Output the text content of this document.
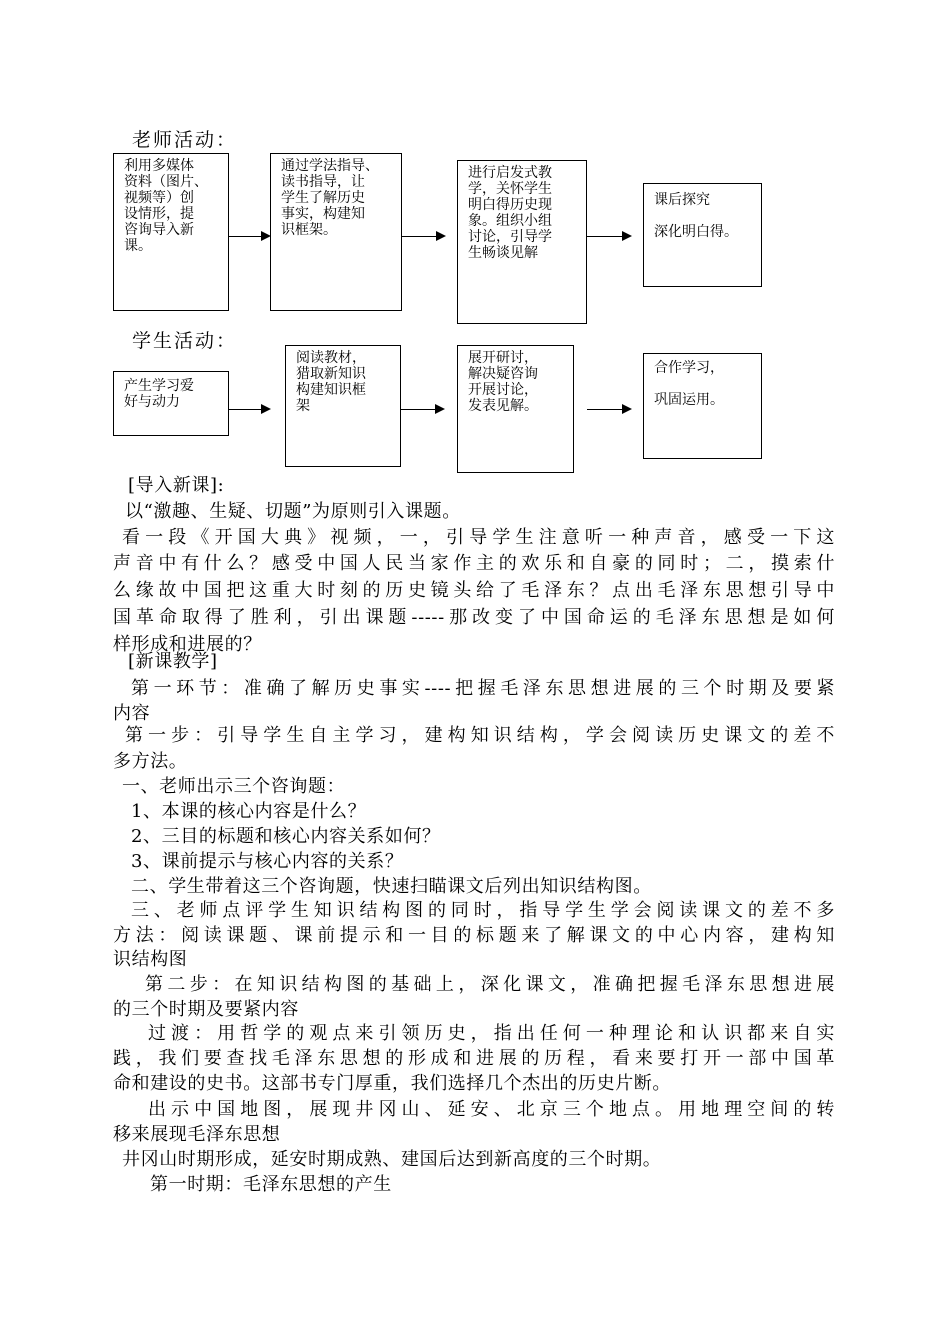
老师活动：
利用多媒体
资料（图片、
视频等）创
设情形，提
咨询导入新
课。
通过学法指导、
读书指导，让
学生了解历史
事实，构建知
识框架。
进行启发式教
学，关怀学生
明白得历史现
象。组织小组
讨论，引导学
生畅谈见解
课后探究

深化明白得。
学生活动：
产生学习爱
好与动力
阅读教材，
猎取新知识
构建知识框
架
展开研讨，
解决疑咨询
开展讨论，
发表见解。
合作学习，

巩固运用。
[导入新课]:
以“激趣、生疑、切题”为原则引入课题。
看一段《开国大典》视频，一，引导学生注意听一种声音，感受一下这
声音中有什么？感受中国人民当家作主的欢乐和自豪的同时；二，摸索什
么缘故中国把这重大时刻的历史镜头给了毛泽东？点出毛泽东思想引导中
国革命取得了胜利，引出课题-----那改变了中国命运的毛泽东思想是如何
样形成和进展的？
[新课教学]
第一环节：准确了解历史事实----把握毛泽东思想进展的三个时期及要紧
内容
第一步：引导学生自主学习，建构知识结构，学会阅读历史课文的差不
多方法。
一、老师出示三个咨询题：
1、本课的核心内容是什么？
2、三目的标题和核心内容关系如何？
3、课前提示与核心内容的关系？
二、学生带着这三个咨询题，快速扫瞄课文后列出知识结构图。
三、老师点评学生知识结构图的同时，指导学生学会阅读课文的差不多
方法：阅读课题、课前提示和一目的标题来了解课文的中心内容，建构知
识结构图
第二步：在知识结构图的基础上，深化课文，准确把握毛泽东思想进展
的三个时期及要紧内容
过渡：用哲学的观点来引领历史，指出任何一种理论和认识都来自实
践，我们要查找毛泽东思想的形成和进展的历程，看来要打开一部中国革
命和建设的史书。这部书专门厚重，我们选择几个杰出的历史片断。
出示中国地图，展现井冈山、延安、北京三个地点。用地理空间的转
移来展现毛泽东思想
井冈山时期形成，延安时期成熟、建国后达到新高度的三个时期。
第一时期：毛泽东思想的产生
